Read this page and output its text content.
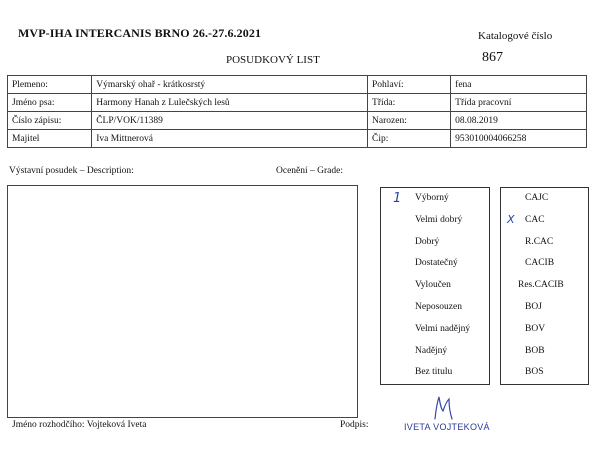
MVP-IHA INTERCANIS BRNO 26.-27.6.2021	Katalogové číslo
867
POSUDKOVÝ LIST
Plemeno:	Výmarský ohař - krátkosrstý	Pohlaví:	fena
Jméno psa:	Harmony Hanah z Lulečských lesů	Třída:	Třída pracovní
Číslo zápisu:	ČLP/VOK/11389	Narozen:	08.08.2019
Majitel	Iva Mittnerová	Čip:	953010004066258
Výstavní posudek – Description:	Ocenění – Grade:
Výborný
Velmi dobrý
Dobrý
Dostatečný
Vyloučen
Neposouzen
Velmi nadějný
Nadějný
Bez titulu
1	CAJC
CAC
R.CAC
CACIB
Res.CACIB
BOJ
BOV
BOB
BOS
X
Jméno rozhodčího: Vojteková Iveta	Podpis:	IVETA VOJTEKOVÁ
